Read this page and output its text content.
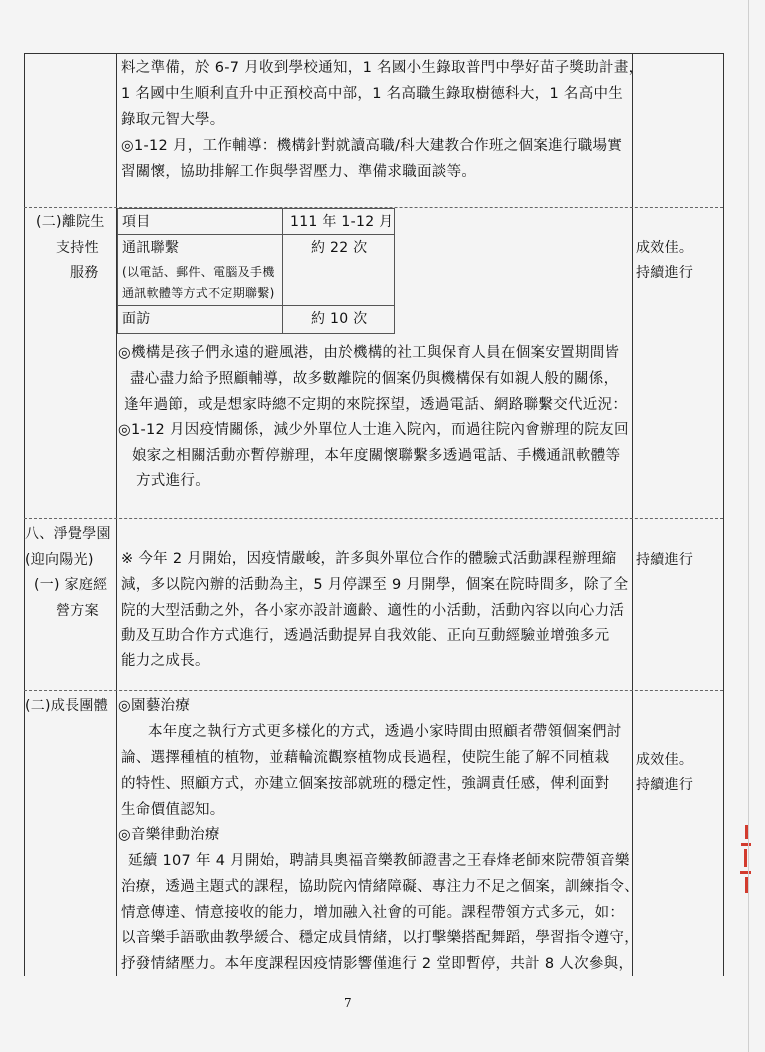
料之準備，於 6-7 月收到學校通知，1 名國小生錄取普門中學好苗子獎助計畫，
1 名國中生順利直升中正預校高中部，1 名高職生錄取樹德科大，1 名高中生
錄取元智大學。
◎1-12 月，工作輔導：機構針對就讀高職/科大建教合作班之個案進行職場實
習關懷，協助排解工作與學習壓力、準備求職面談等。
(二)離院生
支持性
服務
項目	111 年 1-12 月
通訊聯繫
(以電話、郵件、電腦及手機
通訊軟體等方式不定期聯繫)
約 22 次
面訪	約 10 次
◎機構是孩子們永遠的避風港，由於機構的社工與保育人員在個案安置期間皆
盡心盡力給予照顧輔導，故多數離院的個案仍與機構保有如親人般的關係，
逢年過節，或是想家時總不定期的來院探望，透過電話、網路聯繫交代近況：
◎1-12 月因疫情關係，減少外單位人士進入院內，而過往院內會辦理的院友回
娘家之相關活動亦暫停辦理，本年度關懷聯繫多透過電話、手機通訊軟體等
方式進行。
成效佳。
持續進行
八、淨覺學園
(迎向陽光)
(一) 家庭經
營方案
※ 今年 2 月開始，因疫情嚴峻，許多與外單位合作的體驗式活動課程辦理縮
減，多以院內辦的活動為主，5 月停課至 9 月開學，個案在院時間多，除了全
院的大型活動之外，各小家亦設計適齡、適性的小活動，活動內容以向心力活
動及互助合作方式進行，透過活動提昇自我效能、正向互動經驗並增強多元
能力之成長。
持續進行
(二)成長團體 ◎園藝治療
本年度之執行方式更多樣化的方式，透過小家時間由照顧者帶領個案們討
論、選擇種植的植物，並藉輪流觀察植物成長過程，使院生能了解不同植栽
的特性、照顧方式，亦建立個案按部就班的穩定性，強調責任感，俾利面對
生命價值認知。
◎音樂律動治療
延續 107 年 4 月開始，聘請具奧福音樂教師證書之王春烽老師來院帶領音樂
治療，透過主題式的課程，協助院內情緒障礙、專注力不足之個案，訓練指令、
情意傳達、情意接收的能力，增加融入社會的可能。課程帶領方式多元，如：
以音樂手語歌曲教學緩合、穩定成員情緒，以打擊樂搭配舞蹈，學習指令遵守，
抒發情緒壓力。本年度課程因疫情影響僅進行 2 堂即暫停，共計 8 人次參與，
成效佳。
持續進行
7
